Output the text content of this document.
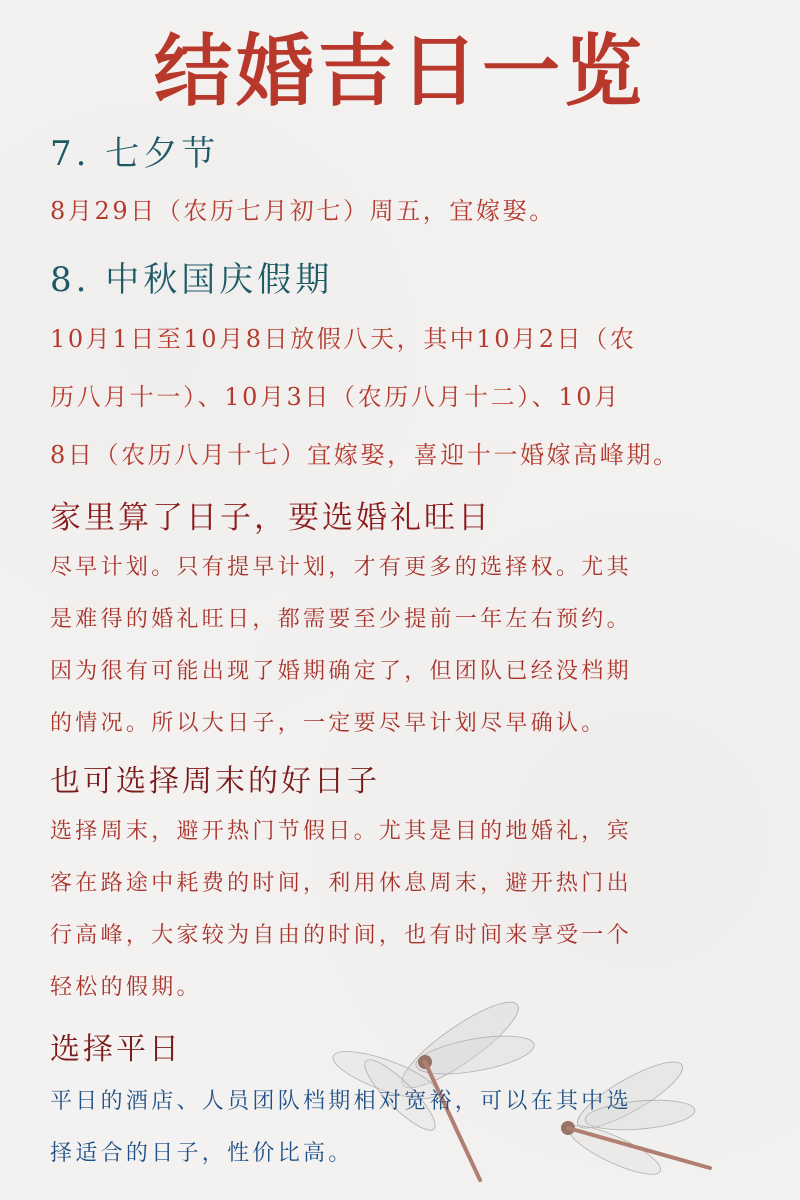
结婚吉日一览
7. 七夕节
8月29日（农历七月初七）周五，宜嫁娶。
8. 中秋国庆假期
10月1日至10月8日放假八天，其中10月2日（农
历八月十一）、10月3日（农历八月十二）、10月
8日（农历八月十七）宜嫁娶，喜迎十一婚嫁高峰期。
家里算了日子，要选婚礼旺日
尽早计划。只有提早计划，才有更多的选择权。尤其
是难得的婚礼旺日，都需要至少提前一年左右预约。
因为很有可能出现了婚期确定了，但团队已经没档期
的情况。所以大日子，一定要尽早计划尽早确认。
也可选择周末的好日子
选择周末，避开热门节假日。尤其是目的地婚礼，宾
客在路途中耗费的时间，利用休息周末，避开热门出
行高峰，大家较为自由的时间，也有时间来享受一个
轻松的假期。
选择平日
平日的酒店、人员团队档期相对宽裕，可以在其中选
择适合的日子，性价比高。
